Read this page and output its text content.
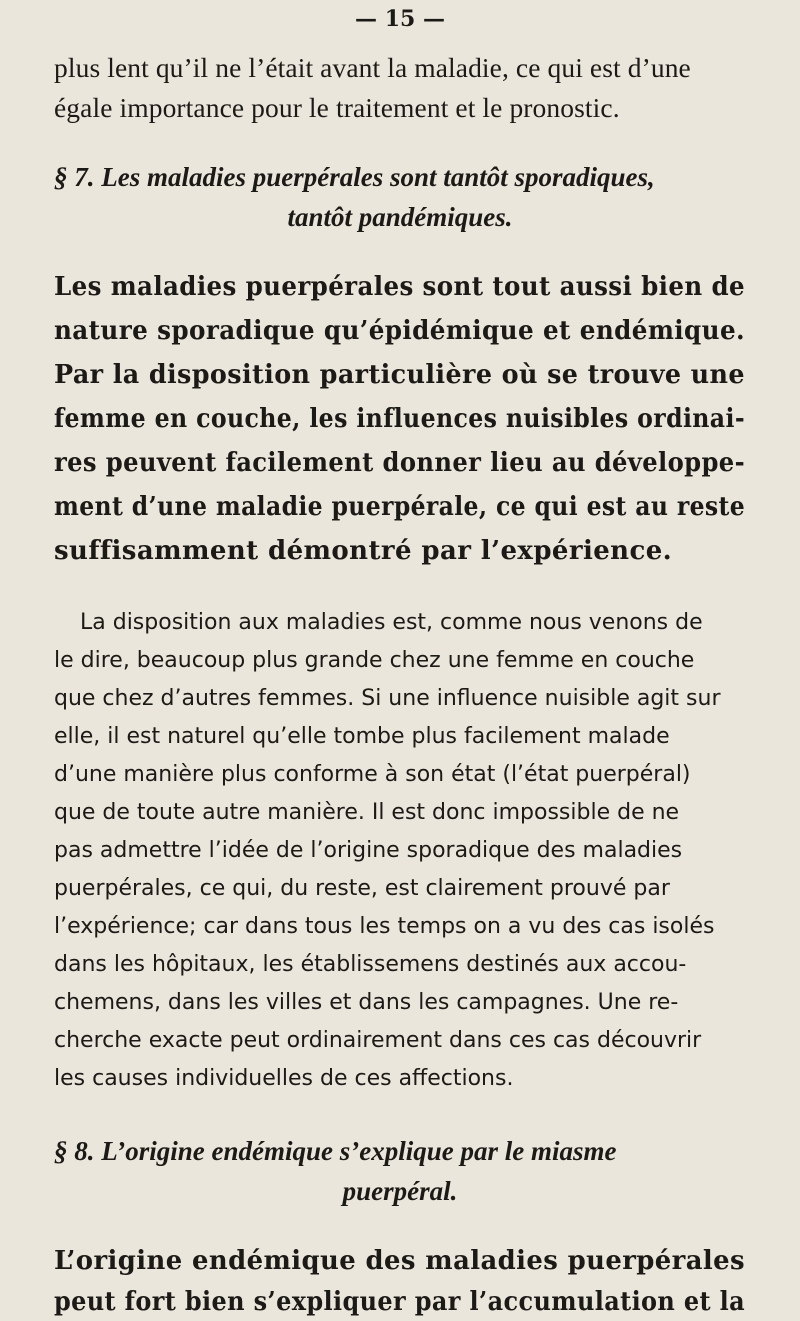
— 15 —
plus lent qu’il ne l’était avant la maladie, ce qui est d’une
égale importance pour le traitement et le pronostic.
§ 7. Les maladies puerpérales sont tantôt sporadiques,
tantôt pandémiques.
Les maladies puerpérales sont tout aussi bien de
nature sporadique qu’épidémique et endémique.
Par la disposition particulière où se trouve une
femme en couche, les influences nuisibles ordinai-
res peuvent facilement donner lieu au développe-
ment d’une maladie puerpérale, ce qui est au reste
suffisamment démontré par l’expérience.
La disposition aux maladies est, comme nous venons de
le dire, beaucoup plus grande chez une femme en couche
que chez d’autres femmes. Si une influence nuisible agit sur
elle, il est naturel qu’elle tombe plus facilement malade
d’une manière plus conforme à son état (l’état puerpéral)
que de toute autre manière. Il est donc impossible de ne
pas admettre l’idée de l’origine sporadique des maladies
puerpérales, ce qui, du reste, est clairement prouvé par
l’expérience; car dans tous les temps on a vu des cas isolés
dans les hôpitaux, les établissemens destinés aux accou-
chemens, dans les villes et dans les campagnes. Une re-
cherche exacte peut ordinairement dans ces cas découvrir
les causes individuelles de ces affections.
§ 8. L’origine endémique s’explique par le miasme
puerpéral.
L’origine endémique des maladies puerpérales
peut fort bien s’expliquer par l’accumulation et la
